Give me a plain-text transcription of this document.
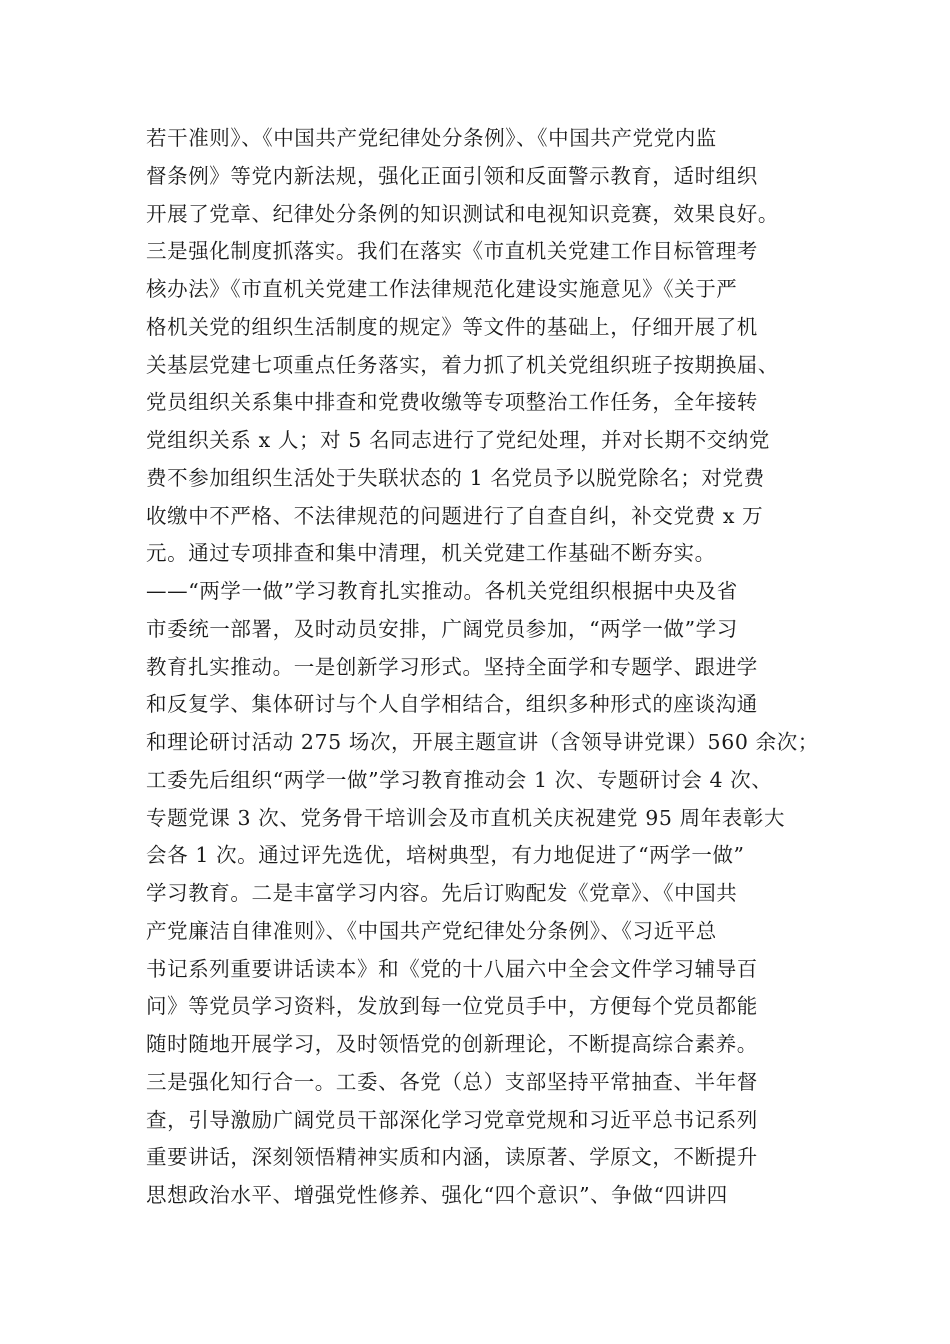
若干准则》、《中国共产党纪律处分条例》、《中国共产党党内监
督条例》等党内新法规，强化正面引领和反面警示教育，适时组织
开展了党章、纪律处分条例的知识测试和电视知识竞赛，效果良好。
三是强化制度抓落实。我们在落实《市直机关党建工作目标管理考
核办法》《市直机关党建工作法律规范化建设实施意见》《关于严
格机关党的组织生活制度的规定》等文件的基础上，仔细开展了机
关基层党建七项重点任务落实，着力抓了机关党组织班子按期换届、
党员组织关系集中排查和党费收缴等专项整治工作任务，全年接转
党组织关系 x 人；对 5 名同志进行了党纪处理，并对长期不交纳党
费不参加组织生活处于失联状态的 1 名党员予以脱党除名；对党费
收缴中不严格、不法律规范的问题进行了自查自纠，补交党费 x 万
元。通过专项排查和集中清理，机关党建工作基础不断夯实。
——“两学一做”学习教育扎实推动。各机关党组织根据中央及省
市委统一部署，及时动员安排，广阔党员参加，“两学一做”学习
教育扎实推动。一是创新学习形式。坚持全面学和专题学、跟进学
和反复学、集体研讨与个人自学相结合，组织多种形式的座谈沟通
和理论研讨活动 275 场次，开展主题宣讲（含领导讲党课）560 余次；
工委先后组织“两学一做”学习教育推动会 1 次、专题研讨会 4 次、
专题党课 3 次、党务骨干培训会及市直机关庆祝建党 95 周年表彰大
会各 1 次。通过评先选优，培树典型，有力地促进了“两学一做”
学习教育。二是丰富学习内容。先后订购配发《党章》、《中国共
产党廉洁自律准则》、《中国共产党纪律处分条例》、《习近平总
书记系列重要讲话读本》和《党的十八届六中全会文件学习辅导百
问》等党员学习资料，发放到每一位党员手中，方便每个党员都能
随时随地开展学习，及时领悟党的创新理论，不断提高综合素养。
三是强化知行合一。工委、各党（总）支部坚持平常抽查、半年督
查，引导激励广阔党员干部深化学习党章党规和习近平总书记系列
重要讲话，深刻领悟精神实质和内涵，读原著、学原文，不断提升
思想政治水平、增强党性修养、强化“四个意识”、争做“四讲四
